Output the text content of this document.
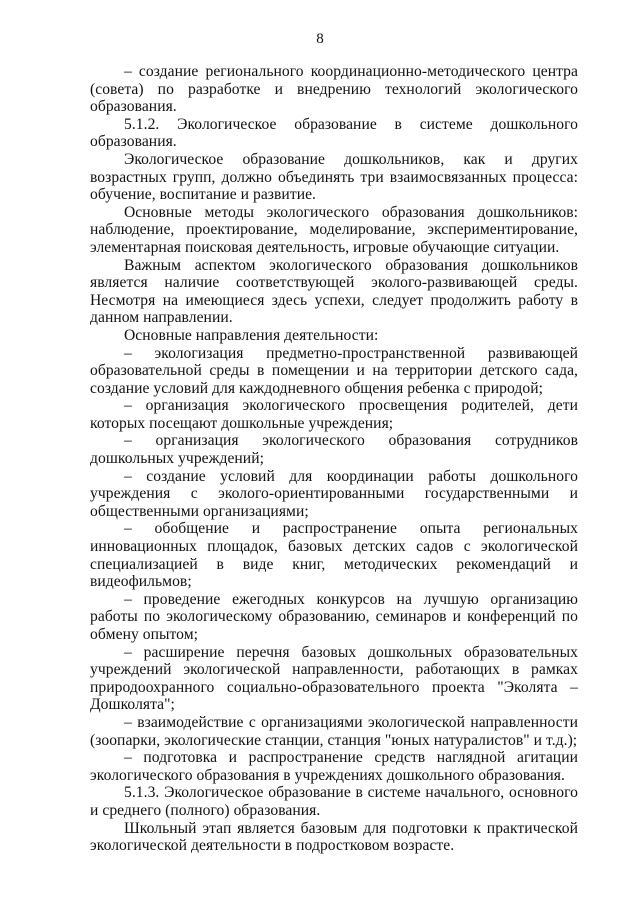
8

– создание регионального координационно-методического центра (совета) по разработке и внедрению технологий экологического образования.

5.1.2. Экологическое образование в системе дошкольного образования.

Экологическое образование дошкольников, как и других возрастных групп, должно объединять три взаимосвязанных процесса: обучение, воспитание и развитие.

Основные методы экологического образования дошкольников: наблюдение, проектирование, моделирование, экспериментирование, элементарная поисковая деятельность, игровые обучающие ситуации.

Важным аспектом экологического образования дошкольников является наличие соответствующей эколого-развивающей среды. Несмотря на имеющиеся здесь успехи, следует продолжить работу в данном направлении.

Основные направления деятельности:

– экологизация предметно-пространственной развивающей образовательной среды в помещении и на территории детского сада, создание условий для каждодневного общения ребенка с природой;

– организация экологического просвещения родителей, дети которых посещают дошкольные учреждения;

– организация экологического образования сотрудников дошкольных учреждений;

– создание условий для координации работы дошкольного учреждения с эколого-ориентированными государственными и общественными организациями;

– обобщение и распространение опыта региональных инновационных площадок, базовых детских садов с экологической специализацией в виде книг, методических рекомендаций и видеофильмов;

– проведение ежегодных конкурсов на лучшую организацию работы по экологическому образованию, семинаров и конференций по обмену опытом;

– расширение перечня базовых дошкольных образовательных учреждений экологической направленности, работающих в рамках природоохранного социально-образовательного проекта "Эколята – Дошколята";

– взаимодействие с организациями экологической направленности (зоопарки, экологические станции, станция "юных натуралистов" и т.д.);

– подготовка и распространение средств наглядной агитации экологического образования в учреждениях дошкольного образования.

5.1.3. Экологическое образование в системе начального, основного и среднего (полного) образования.

Школьный этап является базовым для подготовки к практической экологической деятельности в подростковом возрасте.
